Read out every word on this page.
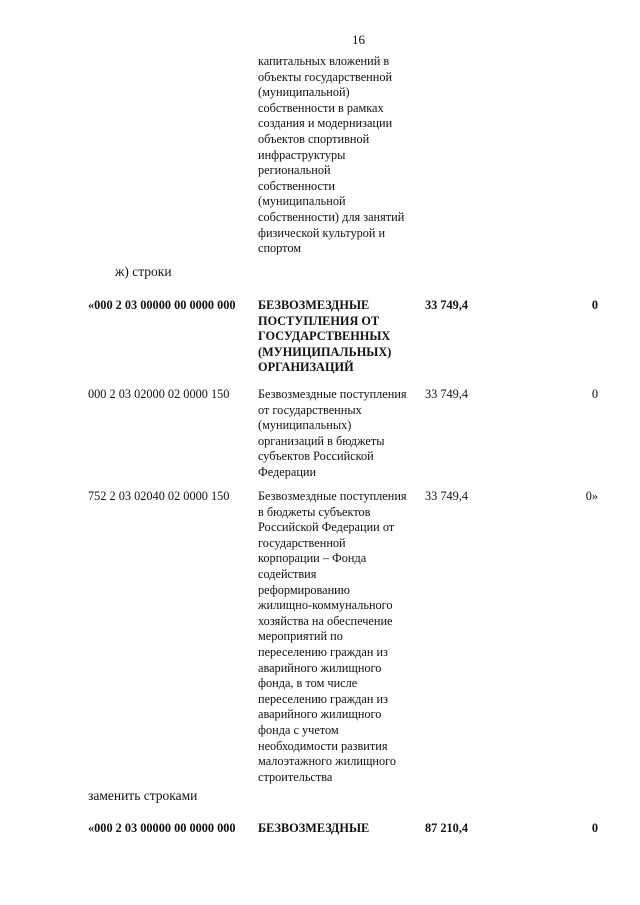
16
капитальных вложений в
объекты государственной
(муниципальной)
собственности в рамках
создания и модернизации
объектов спортивной
инфраструктуры
региональной
собственности
(муниципальной
собственности) для занятий
физической культурой и
спортом
ж) строки
«000 2 03 00000 00 0000 000 БЕЗВОЗМЕЗДНЫЕ
ПОСТУПЛЕНИЯ ОТ
ГОСУДАРСТВЕННЫХ
(МУНИЦИПАЛЬНЫХ)
ОРГАНИЗАЦИЙ
33 749,4	0
000 2 03 02000 02 0000 150 Безвозмездные поступления
от государственных
(муниципальных)
организаций в бюджеты
субъектов Российской
Федерации
33 749,4	0
752 2 03 02040 02 0000 150 Безвозмездные поступления
в бюджеты субъектов
Российской Федерации от
государственной
корпорации – Фонда
содействия
реформированию
жилищно-коммунального
хозяйства на обеспечение
мероприятий по
переселению граждан из
аварийного жилищного
фонда, в том числе
переселению граждан из
аварийного жилищного
фонда с учетом
необходимости развития
малоэтажного жилищного
строительства
33 749,4	0»
заменить строками
«000 2 03 00000 00 0000 000 БЕЗВОЗМЕЗДНЫЕ	87 210,4	0
